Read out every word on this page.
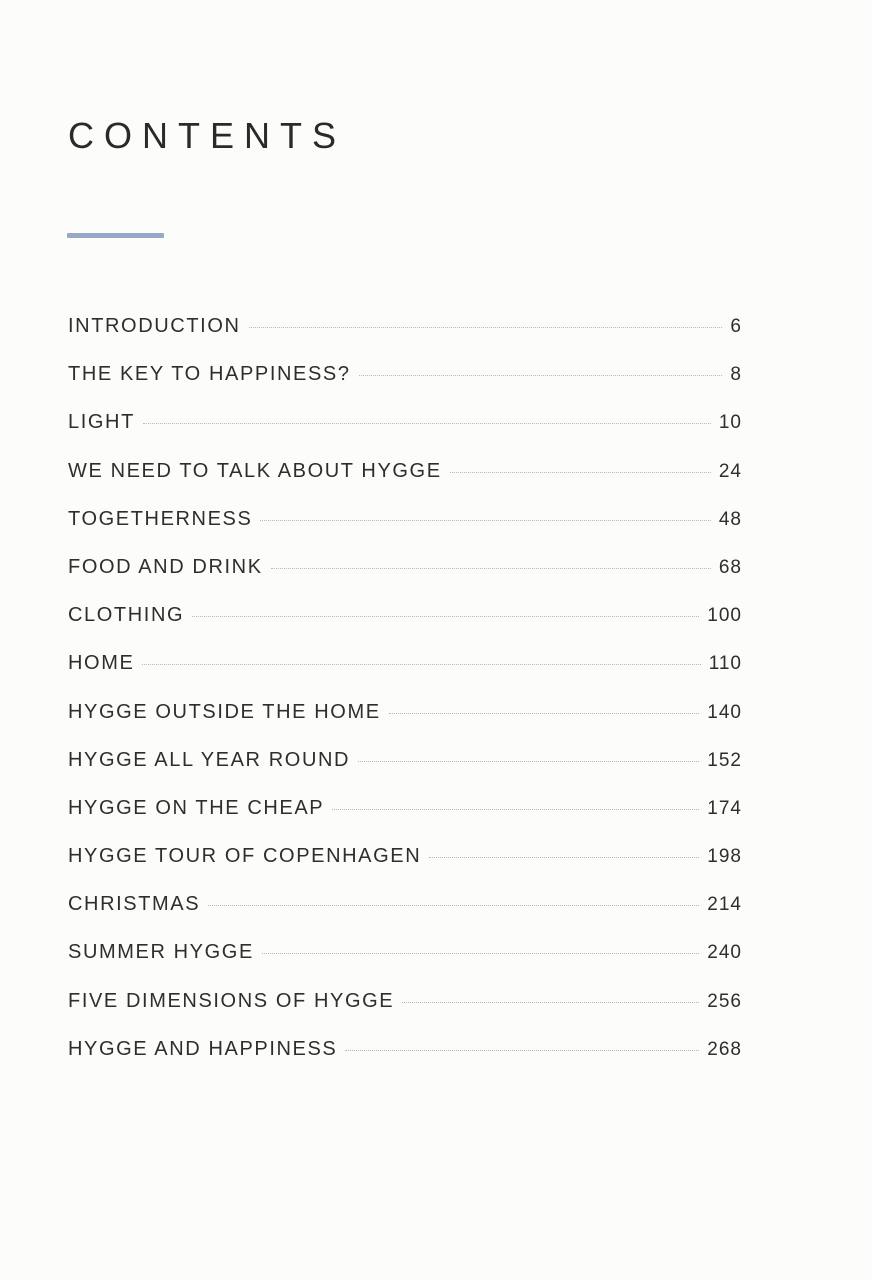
CONTENTS
INTRODUCTION	6
THE KEY TO HAPPINESS?	8
LIGHT	10
WE NEED TO TALK ABOUT HYGGE	24
TOGETHERNESS	48
FOOD AND DRINK	68
CLOTHING	100
HOME	110
HYGGE OUTSIDE THE HOME	140
HYGGE ALL YEAR ROUND	152
HYGGE ON THE CHEAP	174
HYGGE TOUR OF COPENHAGEN	198
CHRISTMAS	214
SUMMER HYGGE	240
FIVE DIMENSIONS OF HYGGE	256
HYGGE AND HAPPINESS	268
